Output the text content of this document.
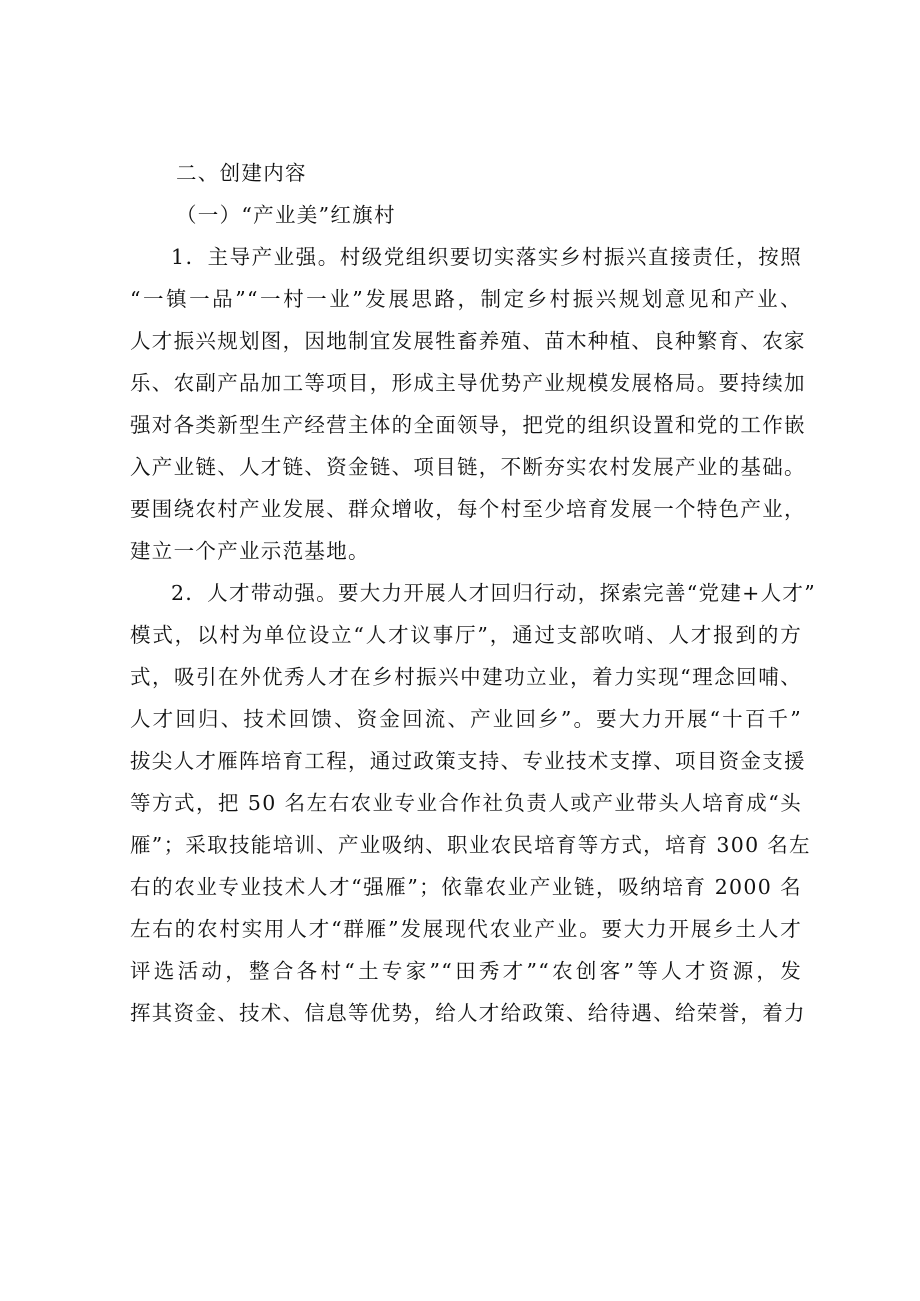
二、创建内容
（一）“产业美”红旗村
1．主导产业强。村级党组织要切实落实乡村振兴直接责任，按照
“一镇一品”“一村一业”发展思路，制定乡村振兴规划意见和产业、
人才振兴规划图，因地制宜发展牲畜养殖、苗木种植、良种繁育、农家
乐、农副产品加工等项目，形成主导优势产业规模发展格局。要持续加
强对各类新型生产经营主体的全面领导，把党的组织设置和党的工作嵌
入产业链、人才链、资金链、项目链，不断夯实农村发展产业的基础。
要围绕农村产业发展、群众增收，每个村至少培育发展一个特色产业，
建立一个产业示范基地。
2．人才带动强。要大力开展人才回归行动，探索完善“党建+人才”
模式，以村为单位设立“人才议事厅”，通过支部吹哨、人才报到的方
式，吸引在外优秀人才在乡村振兴中建功立业，着力实现“理念回哺、
人才回归、技术回馈、资金回流、产业回乡”。要大力开展“十百千”
拔尖人才雁阵培育工程，通过政策支持、专业技术支撑、项目资金支援
等方式，把 50 名左右农业专业合作社负责人或产业带头人培育成“头
雁”；采取技能培训、产业吸纳、职业农民培育等方式，培育 300 名左
右的农业专业技术人才“强雁”；依靠农业产业链，吸纳培育 2000 名
左右的农村实用人才“群雁”发展现代农业产业。要大力开展乡土人才
评选活动，整合各村“土专家”“田秀才”“农创客”等人才资源，发
挥其资金、技术、信息等优势，给人才给政策、给待遇、给荣誉，着力
